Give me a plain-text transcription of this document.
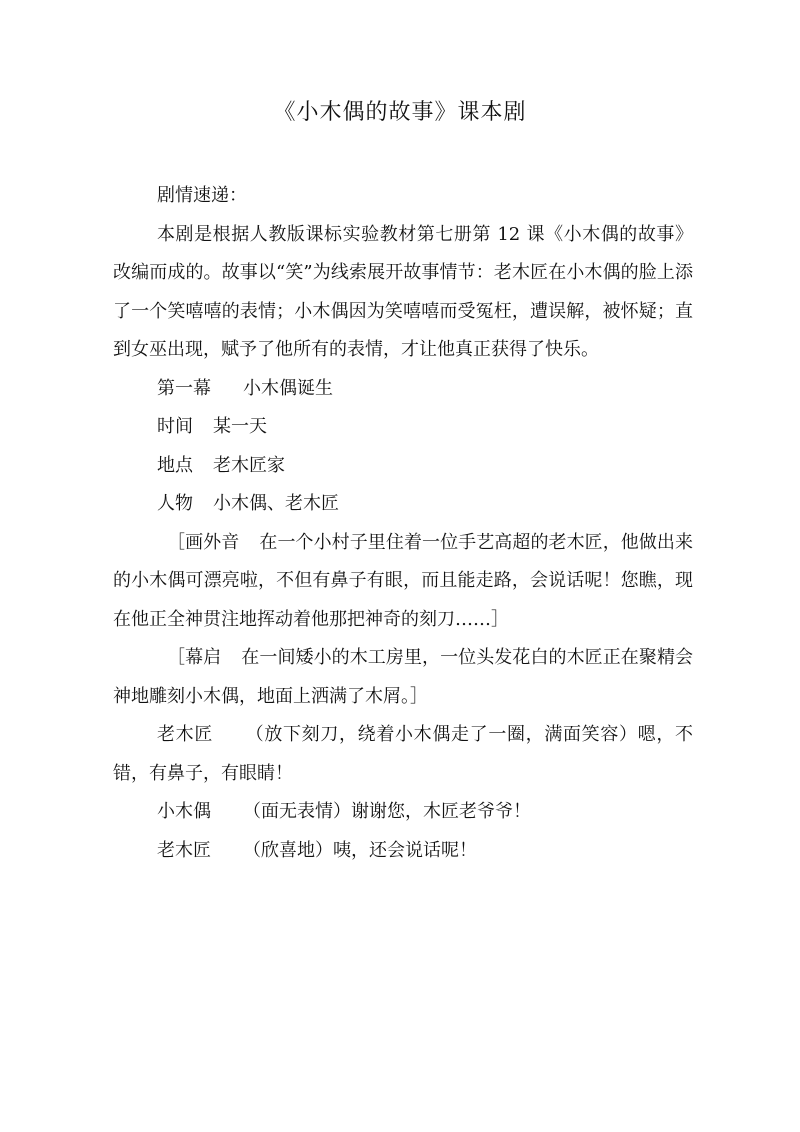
《小木偶的故事》课本剧

剧情速递：

本剧是根据人教版课标实验教材第七册第 12 课《小木偶的故事》改编而成的。故事以“笑”为线索展开故事情节：老木匠在小木偶的脸上添了一个笑嘻嘻的表情；小木偶因为笑嘻嘻而受冤枉，遭误解，被怀疑；直到女巫出现，赋予了他所有的表情，才让他真正获得了快乐。

第一幕 小木偶诞生

时间 某一天

地点 老木匠家

人物 小木偶、老木匠

［画外音 在一个小村子里住着一位手艺高超的老木匠，他做出来的小木偶可漂亮啦，不但有鼻子有眼，而且能走路，会说话呢！您瞧，现在他正全神贯注地挥动着他那把神奇的刻刀……］

［幕启 在一间矮小的木工房里，一位头发花白的木匠正在聚精会神地雕刻小木偶，地面上洒满了木屑。］

老木匠 （放下刻刀，绕着小木偶走了一圈，满面笑容）嗯，不错，有鼻子，有眼睛！

小木偶 （面无表情）谢谢您，木匠老爷爷！

老木匠 （欣喜地）咦，还会说话呢！
